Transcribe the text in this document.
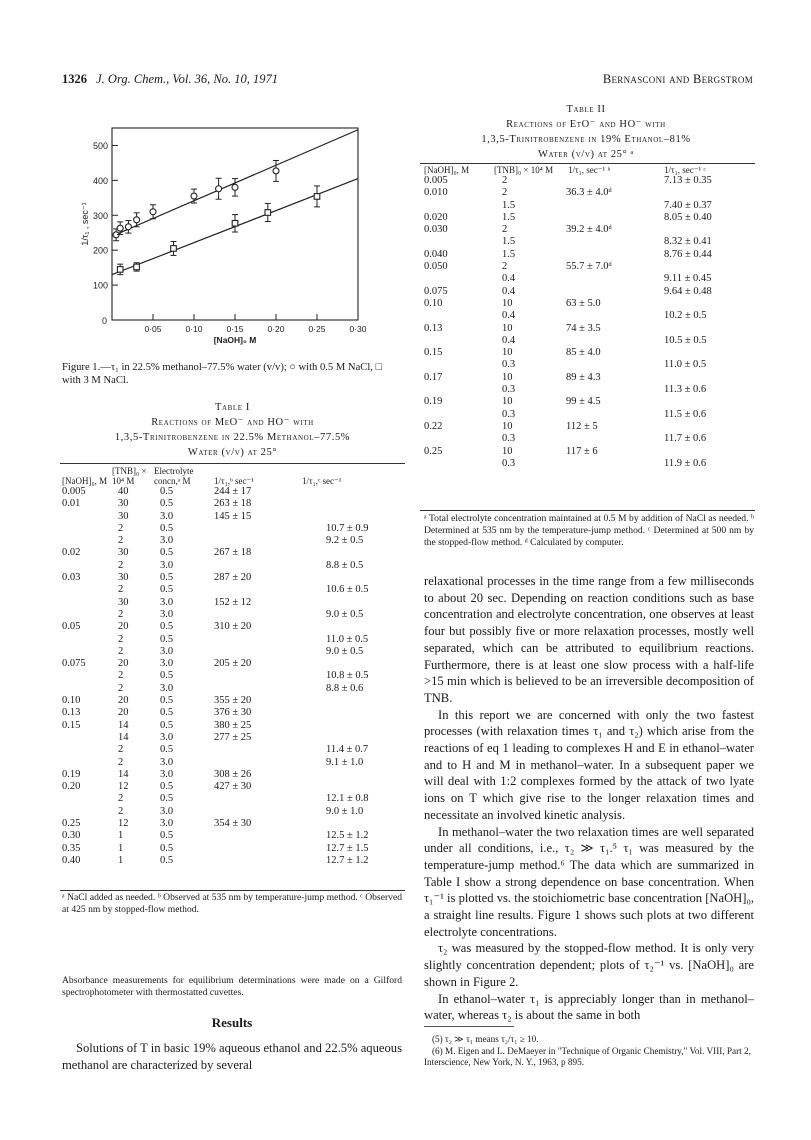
1326 J. Org. Chem., Vol. 36, No. 10, 1971	Bernasconi and Bergstrom
100
200
300
400
500
0
0·05	0·10	0·15	0·20	0·25	0·30
[NaOH]₀ M
1/τ₁ , sec⁻¹
Figure 1.—τ₁ in 22.5% methanol–77.5% water (v/v); ○ with 0.5 M NaCl, □ with 3 M NaCl.
Table I
Reactions of MeO⁻ and HO⁻ with
1,3,5-Trinitrobenzene in 22.5% Methanol–77.5%
Water (v/v) at 25°
[NaOH]₀, M	[TNB]₀ × 10⁴ M	Electrolyte concn,ᵃ M	1/τ₁,ᵇ sec⁻¹	1/τ₁,ᶜ sec⁻¹
0.005	40	0.5	244 ± 17	
0.01	30	0.5	263 ± 18	
	30	3.0	145 ± 15	
	2	0.5		10.7 ± 0.9
	2	3.0		9.2 ± 0.5
0.02	30	0.5	267 ± 18	
	2	3.0		8.8 ± 0.5
0.03	30	0.5	287 ± 20	
	2	0.5		10.6 ± 0.5
	30	3.0	152 ± 12	
	2	3.0		9.0 ± 0.5
0.05	20	0.5	310 ± 20	
	2	0.5		11.0 ± 0.5
	2	3.0		9.0 ± 0.5
0.075	20	3.0	205 ± 20	
	2	0.5		10.8 ± 0.5
	2	3.0		8.8 ± 0.6
0.10	20	0.5	355 ± 20	
0.13	20	0.5	376 ± 30	
0.15	14	0.5	380 ± 25	
	14	3.0	277 ± 25	
	2	0.5		11.4 ± 0.7
	2	3.0		9.1 ± 1.0
0.19	14	3.0	308 ± 26	
0.20	12	0.5	427 ± 30	
	2	0.5		12.1 ± 0.8
	2	3.0		9.0 ± 1.0
0.25	12	3.0	354 ± 30	
0.30	1	0.5		12.5 ± 1.2
0.35	1	0.5		12.7 ± 1.5
0.40	1	0.5		12.7 ± 1.2
ᵃ NaCl added as needed. ᵇ Observed at 535 nm by temperature-jump method. ᶜ Observed at 425 nm by stopped-flow method.
Absorbance measurements for equilibrium determinations were made on a Gilford spectrophotometer with thermostatted cuvettes.
Results
Solutions of T in basic 19% aqueous ethanol and 22.5% aqueous methanol are characterized by several
Table II
Reactions of EtO⁻ and HO⁻ with
1,3,5-Trinitrobenzene in 19% Ethanol–81%
Water (v/v) at 25° ᵃ
[NaOH]₀, M	[TNB]₀ × 10⁴ M	1/τ₁, sec⁻¹ ᵇ	1/τ₁, sec⁻¹ ᶜ
0.005	2		7.13 ± 0.35
0.010	2	36.3 ± 4.0ᵈ	
	1.5		7.40 ± 0.37
0.020	1.5		8.05 ± 0.40
0.030	2	39.2 ± 4.0ᵈ	
	1.5		8.32 ± 0.41
0.040	1.5		8.76 ± 0.44
0.050	2	55.7 ± 7.0ᵈ	
	0.4		9.11 ± 0.45
0.075	0.4		9.64 ± 0.48
0.10	10	63 ± 5.0	
	0.4		10.2 ± 0.5
0.13	10	74 ± 3.5	
	0.4		10.5 ± 0.5
0.15	10	85 ± 4.0	
	0.3		11.0 ± 0.5
0.17	10	89 ± 4.3	
	0.3		11.3 ± 0.6
0.19	10	99 ± 4.5	
	0.3		11.5 ± 0.6
0.22	10	112 ± 5	
	0.3		11.7 ± 0.6
0.25	10	117 ± 6	
	0.3		11.9 ± 0.6
ᵃ Total electrolyte concentration maintained at 0.5 M by addition of NaCl as needed. ᵇ Determined at 535 nm by the temperature-jump method. ᶜ Determined at 500 nm by the stopped-flow method. ᵈ Calculated by computer.

relaxational processes in the time range from a few milliseconds to about 20 sec. Depending on reaction conditions such as base concentration and electrolyte concentration, one observes at least four but possibly five or more relaxation processes, mostly well separated, which can be attributed to equilibrium reactions. Furthermore, there is at least one slow process with a half-life >15 min which is believed to be an irreversible decomposition of TNB.

In this report we are concerned with only the two fastest processes (with relaxation times τ₁ and τ₂) which arise from the reactions of eq 1 leading to complexes H and E in ethanol–water and to H and M in methanol–water. In a subsequent paper we will deal with 1:2 complexes formed by the attack of two lyate ions on T which give rise to the longer relaxation times and necessitate an involved kinetic analysis.

In methanol–water the two relaxation times are well separated under all conditions, i.e., τ₂ ≫ τ₁.⁵ τ₁ was measured by the temperature-jump method.⁶ The data which are summarized in Table I show a strong dependence on base concentration. When τ₁⁻¹ is plotted vs. the stoichiometric base concentration [NaOH]₀, a straight line results. Figure 1 shows such plots at two different electrolyte concentrations.

τ₂ was measured by the stopped-flow method. It is only very slightly concentration dependent; plots of τ₂⁻¹ vs. [NaOH]₀ are shown in Figure 2.

In ethanol–water τ₁ is appreciably longer than in methanol–water, whereas τ₂ is about the same in both

(5) τ₂ ≫ τ₁ means τ₂/τ₁ ≥ 10.
(6) M. Eigen and L. DeMaeyer in "Technique of Organic Chemistry," Vol. VIII, Part 2, Interscience, New York, N. Y., 1963, p 895.
